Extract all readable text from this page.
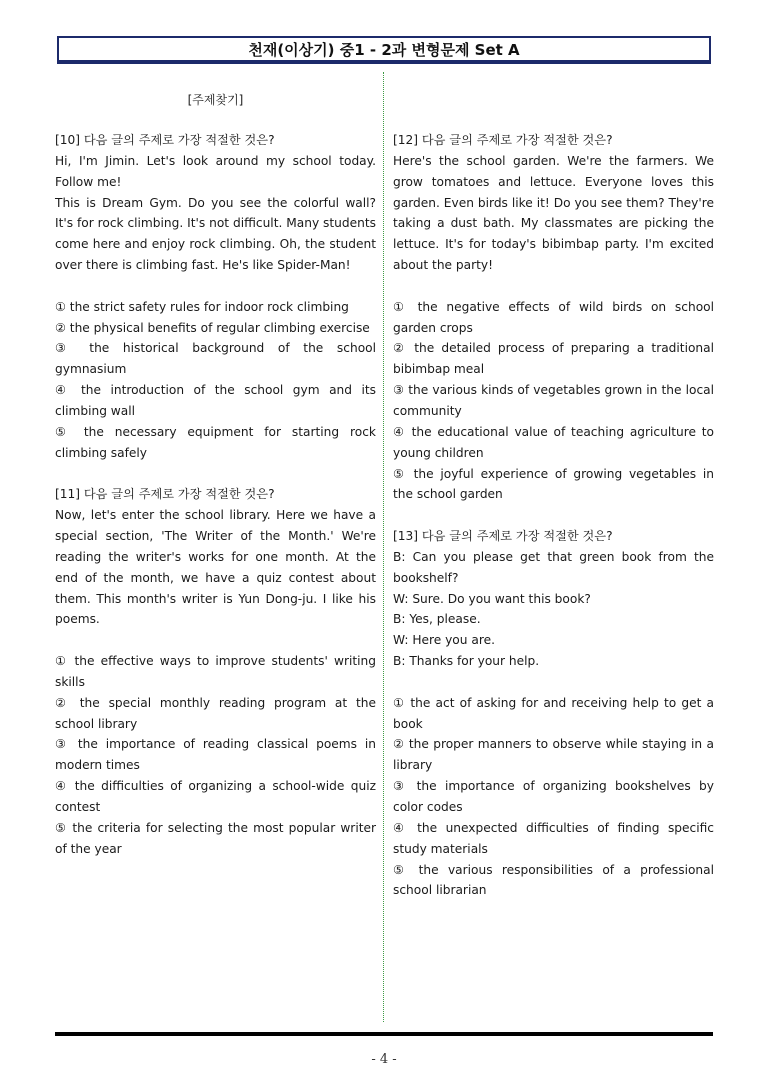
천재(이상기) 중1 - 2과 변형문제 Set A
[주제찾기]

[10] 다음 글의 주제로 가장 적절한 것은?

Hi, I'm Jimin. Let's look around my school today. Follow me!

This is Dream Gym. Do you see the colorful wall? It's for rock climbing. It's not difficult. Many students come here and enjoy rock climbing. Oh, the student over there is climbing fast. He's like Spider-Man!

① the strict safety rules for indoor rock climbing

② the physical benefits of regular climbing exercise

③ the historical background of the school gymnasium

④ the introduction of the school gym and its climbing wall

⑤ the necessary equipment for starting rock climbing safely

[11] 다음 글의 주제로 가장 적절한 것은?

Now, let's enter the school library. Here we have a special section, 'The Writer of the Month.' We're reading the writer's works for one month. At the end of the month, we have a quiz contest about them. This month's writer is Yun Dong-ju. I like his poems.

① the effective ways to improve students' writing skills

② the special monthly reading program at the school library

③ the importance of reading classical poems in modern times

④ the difficulties of organizing a school-wide quiz contest

⑤ the criteria for selecting the most popular writer of the year

[12] 다음 글의 주제로 가장 적절한 것은?

Here's the school garden. We're the farmers. We grow tomatoes and lettuce. Everyone loves this garden. Even birds like it! Do you see them? They're taking a dust bath. My classmates are picking the lettuce. It's for today's bibimbap party. I'm excited about the party!

① the negative effects of wild birds on school garden crops

② the detailed process of preparing a traditional bibimbap meal

③ the various kinds of vegetables grown in the local community

④ the educational value of teaching agriculture to young children

⑤ the joyful experience of growing vegetables in the school garden

[13] 다음 글의 주제로 가장 적절한 것은?

B: Can you please get that green book from the bookshelf?

W: Sure. Do you want this book?

B: Yes, please.

W: Here you are.

B: Thanks for your help.

① the act of asking for and receiving help to get a book

② the proper manners to observe while staying in a library

③ the importance of organizing bookshelves by color codes

④ the unexpected difficulties of finding specific study materials

⑤ the various responsibilities of a professional school librarian

- 4 -
